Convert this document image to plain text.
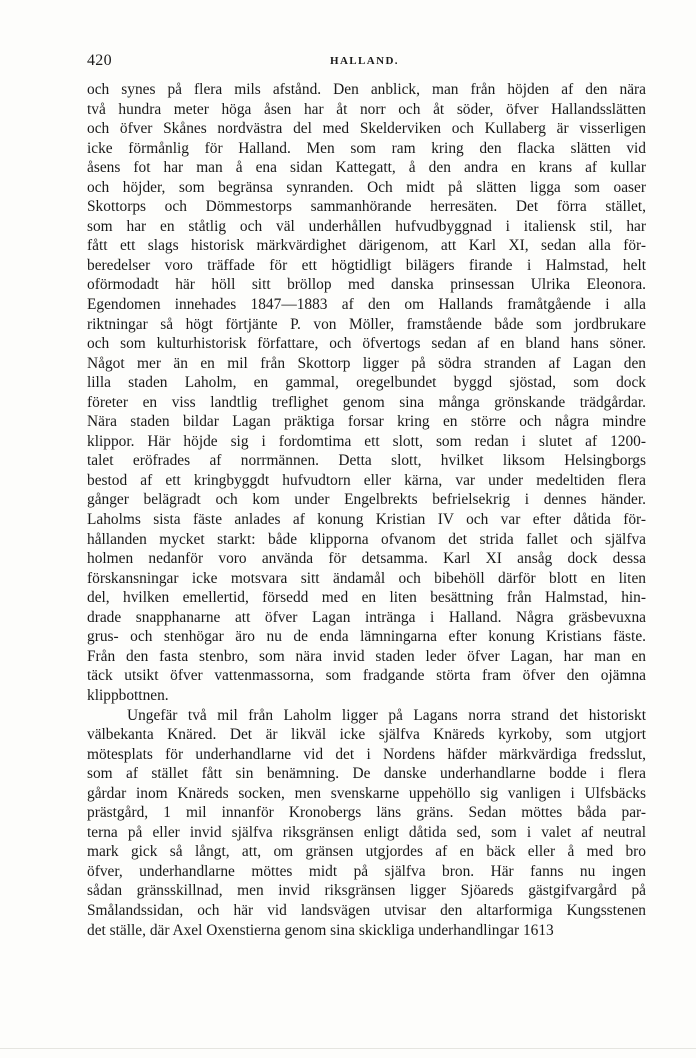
420	HALLAND.
och synes på flera mils afstånd. Den anblick, man från höjden af den nära
två hundra meter höga åsen har åt norr och åt söder, öfver Hallandsslätten
och öfver Skånes nordvästra del med Skelderviken och Kullaberg är visserligen
icke förmånlig för Halland. Men som ram kring den flacka slätten vid
åsens fot har man å ena sidan Kattegatt, å den andra en krans af kullar
och höjder, som begränsa synranden. Och midt på slätten ligga som oaser
Skottorps och Dömmestorps sammanhörande herresäten. Det förra stället,
som har en ståtlig och väl underhållen hufvudbyggnad i italiensk stil, har
fått ett slags historisk märkvärdighet därigenom, att Karl XI, sedan alla för-
beredelser voro träffade för ett högtidligt bilägers firande i Halmstad, helt
oförmodadt här höll sitt bröllop med danska prinsessan Ulrika Eleonora.
Egendomen innehades 1847—1883 af den om Hallands framåtgående i alla
riktningar så högt förtjänte P. von Möller, framstående både som jordbrukare
och som kulturhistorisk författare, och öfvertogs sedan af en bland hans söner.
Något mer än en mil från Skottorp ligger på södra stranden af Lagan den
lilla staden Laholm, en gammal, oregelbundet byggd sjöstad, som dock
företer en viss landtlig treflighet genom sina många grönskande trädgårdar.
Nära staden bildar Lagan präktiga forsar kring en större och några mindre
klippor. Här höjde sig i fordomtima ett slott, som redan i slutet af 1200-
talet eröfrades af norrmännen. Detta slott, hvilket liksom Helsingborgs
bestod af ett kringbyggdt hufvudtorn eller kärna, var under medeltiden flera
gånger belägradt och kom under Engelbrekts befrielsekrig i dennes händer.
Laholms sista fäste anlades af konung Kristian IV och var efter dåtida för-
hållanden mycket starkt: både klipporna ofvanom det strida fallet och själfva
holmen nedanför voro använda för detsamma. Karl XI ansåg dock dessa
förskansningar icke motsvara sitt ändamål och bibehöll därför blott en liten
del, hvilken emellertid, försedd med en liten besättning från Halmstad, hin-
drade snapphanarne att öfver Lagan intränga i Halland. Några gräsbevuxna
grus- och stenhögar äro nu de enda lämningarna efter konung Kristians fäste.
Från den fasta stenbro, som nära invid staden leder öfver Lagan, har man en
täck utsikt öfver vattenmassorna, som fradgande störta fram öfver den ojämna
klippbottnen.
Ungefär två mil från Laholm ligger på Lagans norra strand det historiskt
välbekanta Knäred. Det är likväl icke själfva Knäreds kyrkoby, som utgjort
mötesplats för underhandlarne vid det i Nordens häfder märkvärdiga fredsslut,
som af stället fått sin benämning. De danske underhandlarne bodde i flera
gårdar inom Knäreds socken, men svenskarne uppehöllo sig vanligen i Ulfsbäcks
prästgård, 1 mil innanför Kronobergs läns gräns. Sedan möttes båda par-
terna på eller invid själfva riksgränsen enligt dåtida sed, som i valet af neutral
mark gick så långt, att, om gränsen utgjordes af en bäck eller å med bro
öfver, underhandlarne möttes midt på själfva bron. Här fanns nu ingen
sådan gränsskillnad, men invid riksgränsen ligger Sjöareds gästgifvargård på
Smålandssidan, och här vid landsvägen utvisar den altarformiga Kungsstenen
det ställe, där Axel Oxenstierna genom sina skickliga underhandlingar 1613
